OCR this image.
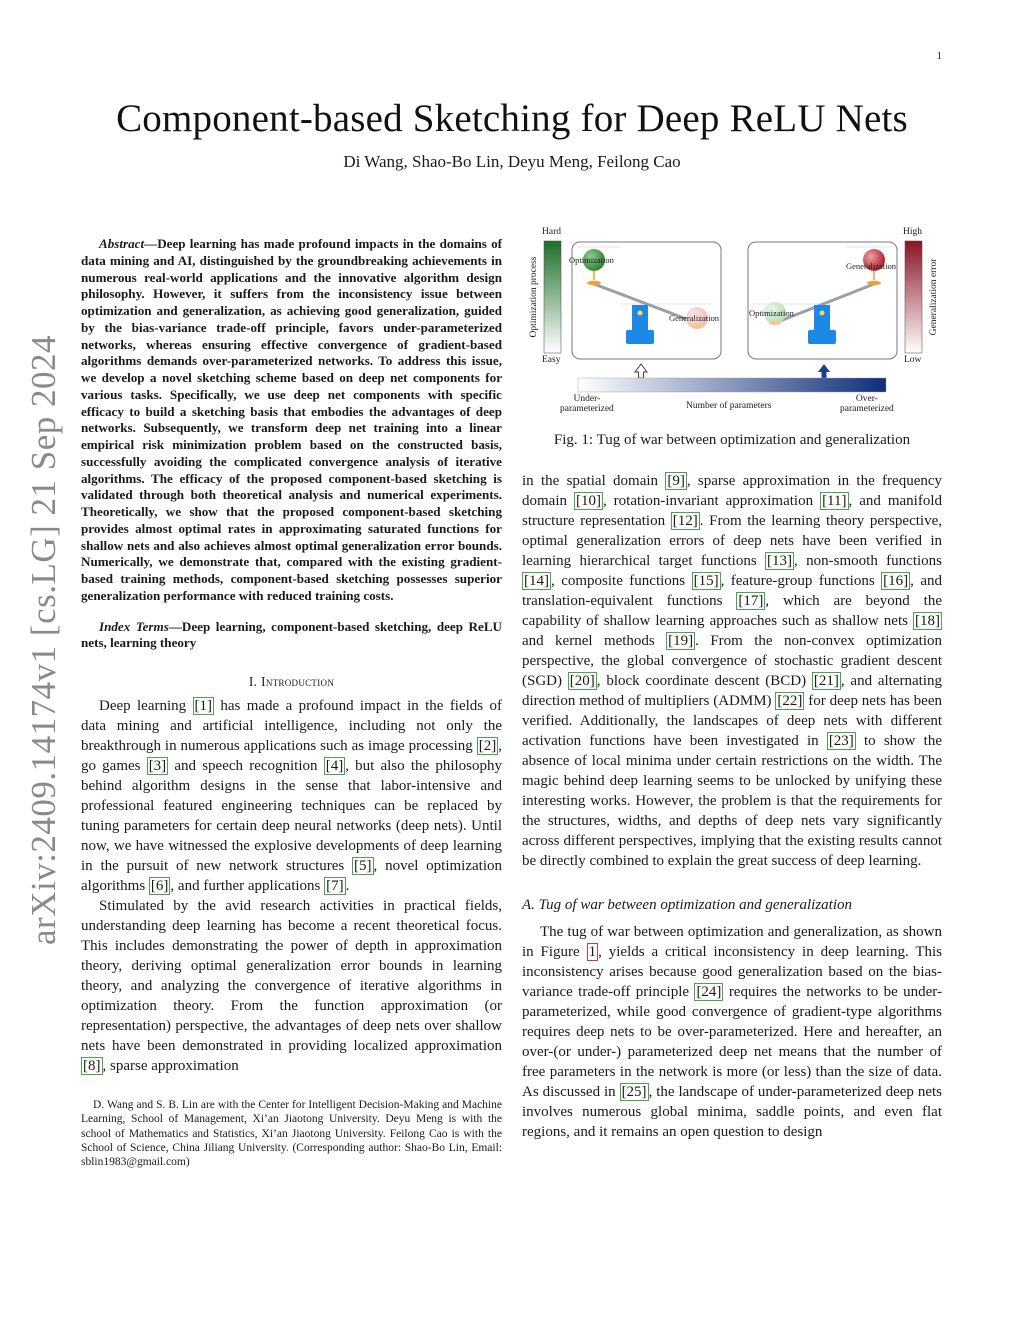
1
Component-based Sketching for Deep ReLU Nets
Di Wang, Shao-Bo Lin, Deyu Meng, Feilong Cao
arXiv:2409.14174v1 [cs.LG] 21 Sep 2024

Abstract—Deep learning has made profound impacts in the domains of data mining and AI, distinguished by the groundbreaking achievements in numerous real-world applications and the innovative algorithm design philosophy. However, it suffers from the inconsistency issue between optimization and generalization, as achieving good generalization, guided by the bias-variance trade-off principle, favors under-parameterized networks, whereas ensuring effective convergence of gradient-based algorithms demands over-parameterized networks. To address this issue, we develop a novel sketching scheme based on deep net components for various tasks. Specifically, we use deep net components with specific efficacy to build a sketching basis that embodies the advantages of deep networks. Subsequently, we transform deep net training into a linear empirical risk minimization problem based on the constructed basis, successfully avoiding the complicated convergence analysis of iterative algorithms. The efficacy of the proposed component-based sketching is validated through both theoretical analysis and numerical experiments. Theoretically, we show that the proposed component-based sketching provides almost optimal rates in approximating saturated functions for shallow nets and also achieves almost optimal generalization error bounds. Numerically, we demonstrate that, compared with the existing gradient-based training methods, component-based sketching possesses superior generalization performance with reduced training costs.

Index Terms—Deep learning, component-based sketching, deep ReLU nets, learning theory

I. Introduction

Deep learning [1] has made a profound impact in the fields of data mining and artificial intelligence, including not only the breakthrough in numerous applications such as image processing [2] , go games [3] and speech recognition [4] , but also the philosophy behind algorithm designs in the sense that labor-intensive and professional featured engineering techniques can be replaced by tuning parameters for certain deep neural networks (deep nets). Until now, we have witnessed the explosive developments of deep learning in the pursuit of new network structures [5] , novel optimization algorithms [6] , and further applications [7] .

Stimulated by the avid research activities in practical fields, understanding deep learning has become a recent theoretical focus. This includes demonstrating the power of depth in approximation theory, deriving optimal generalization error bounds in learning theory, and analyzing the convergence of iterative algorithms in optimization theory. From the function approximation (or representation) perspective, the advantages of deep nets over shallow nets have been demonstrated in providing localized approximation [8] , sparse approximation

D. Wang and S. B. Lin are with the Center for Intelligent Decision-Making and Machine Learning, School of Management, Xi’an Jiaotong University. Deyu Meng is with the school of Mathematics and Statistics, Xi’an Jiaotong University. Feilong Cao is with the School of Science, China Jiliang University. (Corresponding author: Shao-Bo Lin, Email: sblin1983@gmail.com)

Hard
Easy
Optimization process
High
Low
Generalization error
Optimization
Generalization	Optimization
Generalization
Under-
parameterized	Number of parameters
Over-
parameterized
Fig. 1: Tug of war between optimization and generalization

in the spatial domain [9] , sparse approximation in the frequency domain [10] , rotation-invariant approximation [11] , and manifold structure representation [12] . From the learning theory perspective, optimal generalization errors of deep nets have been verified in learning hierarchical target functions [13] , non-smooth functions [14] , composite functions [15] , feature-group functions [16] , and translation-equivalent functions [17] , which are beyond the capability of shallow learning approaches such as shallow nets [18] and kernel methods [19] . From the non-convex optimization perspective, the global convergence of stochastic gradient descent (SGD) [20] , block coordinate descent (BCD) [21] , and alternating direction method of multipliers (ADMM) [22] for deep nets has been verified. Additionally, the landscapes of deep nets with different activation functions have been investigated in [23] to show the absence of local minima under certain restrictions on the width. The magic behind deep learning seems to be unlocked by unifying these interesting works. However, the problem is that the requirements for the structures, widths, and depths of deep nets vary significantly across different perspectives, implying that the existing results cannot be directly combined to explain the great success of deep learning.

A. Tug of war between optimization and generalization

The tug of war between optimization and generalization, as shown in Figure 1 , yields a critical inconsistency in deep learning. This inconsistency arises because good generalization based on the bias-variance trade-off principle [24] requires the networks to be under-parameterized, while good convergence of gradient-type algorithms requires deep nets to be over-parameterized. Here and hereafter, an over-(or under-) parameterized deep net means that the number of free parameters in the network is more (or less) than the size of data. As discussed in [25] , the landscape of under-parameterized deep nets involves numerous global minima, saddle points, and even flat regions, and it remains an open question to design
